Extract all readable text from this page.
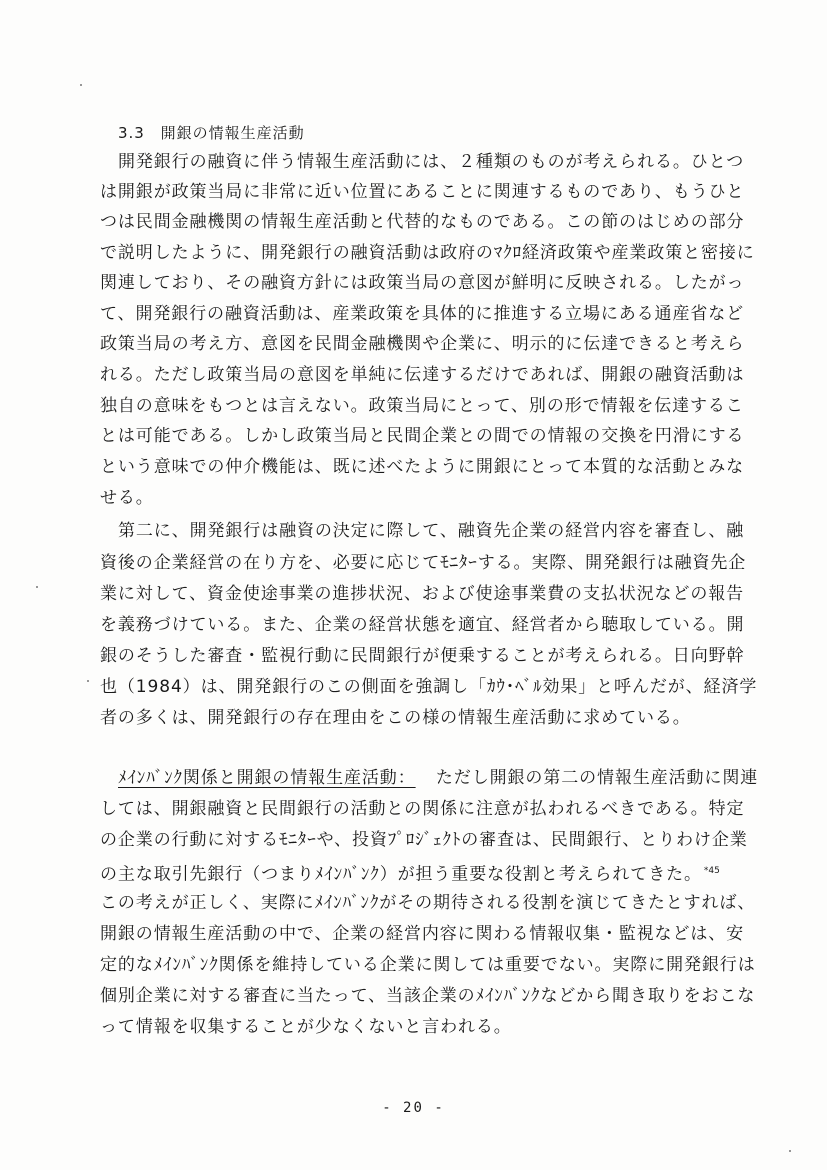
3.3 開銀の情報生産活動
開発銀行の融資に伴う情報生産活動には、２種類のものが考えられる。ひとつ
は開銀が政策当局に非常に近い位置にあることに関連するものであり、もうひと
つは民間金融機関の情報生産活動と代替的なものである。この節のはじめの部分
で説明したように、開発銀行の融資活動は政府のﾏｸﾛ経済政策や産業政策と密接に
関連しており、その融資方針には政策当局の意図が鮮明に反映される。したがっ
て、開発銀行の融資活動は、産業政策を具体的に推進する立場にある通産省など
政策当局の考え方、意図を民間金融機関や企業に、明示的に伝達できると考えら
れる。ただし政策当局の意図を単純に伝達するだけであれば、開銀の融資活動は
独自の意味をもつとは言えない。政策当局にとって、別の形で情報を伝達するこ
とは可能である。しかし政策当局と民間企業との間での情報の交換を円滑にする
という意味での仲介機能は、既に述べたように開銀にとって本質的な活動とみな
せる。
第二に、開発銀行は融資の決定に際して、融資先企業の経営内容を審査し、融
資後の企業経営の在り方を、必要に応じてﾓﾆﾀｰする。実際、開発銀行は融資先企
業に対して、資金使途事業の進捗状況、および使途事業費の支払状況などの報告
を義務づけている。また、企業の経営状態を適宜、経営者から聴取している。開
銀のそうした審査・監視行動に民間銀行が便乗することが考えられる。日向野幹
也（1984）は、開発銀行のこの側面を強調し「ｶｳ･ﾍﾞﾙ効果」と呼んだが、経済学
者の多くは、開発銀行の存在理由をこの様の情報生産活動に求めている。
ﾒｲﾝﾊﾞﾝｸ関係と開銀の情報生産活動： ただし開銀の第二の情報生産活動に関連
しては、開銀融資と民間銀行の活動との関係に注意が払われるべきである。特定
の企業の行動に対するﾓﾆﾀｰや、投資ﾌﾟﾛｼﾞｪｸﾄの審査は、民間銀行、とりわけ企業
の主な取引先銀行（つまりﾒｲﾝﾊﾞﾝｸ）が担う重要な役割と考えられてきた。 $^{*45}$
この考えが正しく、実際にﾒｲﾝﾊﾞﾝｸがその期待される役割を演じてきたとすれば、
開銀の情報生産活動の中で、企業の経営内容に関わる情報収集・監視などは、安
定的なﾒｲﾝﾊﾞﾝｸ関係を維持している企業に関しては重要でない。実際に開発銀行は
個別企業に対する審査に当たって、当該企業のﾒｲﾝﾊﾞﾝｸなどから聞き取りをおこな
って情報を収集することが少なくないと言われる。
- 20 -
